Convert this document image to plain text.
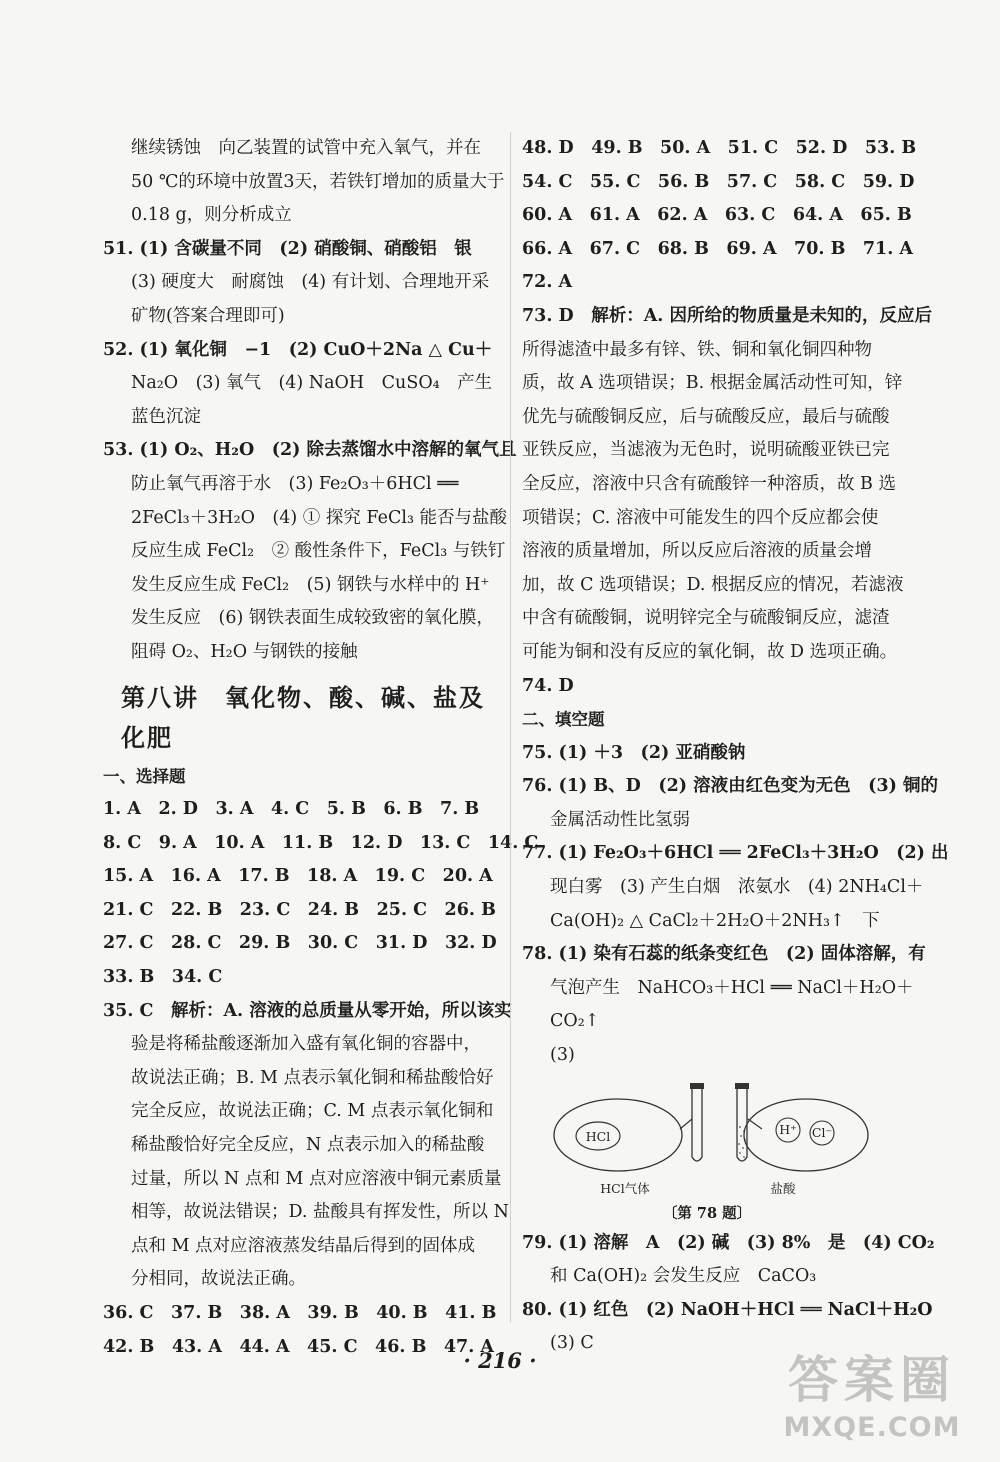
继续锈蚀　向乙装置的试管中充入氧气，并在
50 ℃的环境中放置3天，若铁钉增加的质量大于
0.18 g，则分析成立
51. (1) 含碳量不同　(2) 硝酸铜、硝酸铝　银
(3) 硬度大　耐腐蚀　(4) 有计划、合理地开采
矿物(答案合理即可)
52. (1) 氧化铜　−1　(2) CuO＋2Na △ Cu＋
Na₂O　(3) 氧气　(4) NaOH　CuSO₄　产生
蓝色沉淀
53. (1) O₂、H₂O　(2) 除去蒸馏水中溶解的氧气且
防止氧气再溶于水　(3) Fe₂O₃＋6HCl ══
2FeCl₃＋3H₂O　(4) ① 探究 FeCl₃ 能否与盐酸
反应生成 FeCl₂　② 酸性条件下，FeCl₃ 与铁钉
发生反应生成 FeCl₂　(5) 钢铁与水样中的 H⁺
发生反应　(6) 钢铁表面生成较致密的氧化膜，
阻碍 O₂、H₂O 与钢铁的接触
第八讲　氧化物、酸、碱、盐及化肥
一、选择题
1. A　2. D　3. A　4. C　5. B　6. B　7. B
8. C　9. A　10. A　11. B　12. D　13. C　14. C
15. A　16. A　17. B　18. A　19. C　20. A
21. C　22. B　23. C　24. B　25. C　26. B
27. C　28. C　29. B　30. C　31. D　32. D
33. B　34. C
35. C　解析：A. 溶液的总质量从零开始，所以该实
验是将稀盐酸逐渐加入盛有氧化铜的容器中，
故说法正确；B. M 点表示氧化铜和稀盐酸恰好
完全反应，故说法正确；C. M 点表示氧化铜和
稀盐酸恰好完全反应，N 点表示加入的稀盐酸
过量，所以 N 点和 M 点对应溶液中铜元素质量
相等，故说法错误；D. 盐酸具有挥发性，所以 N
点和 M 点对应溶液蒸发结晶后得到的固体成
分相同，故说法正确。
36. C　37. B　38. A　39. B　40. B　41. B
42. B　43. A　44. A　45. C　46. B　47. A
48. D　49. B　50. A　51. C　52. D　53. B
54. C　55. C　56. B　57. C　58. C　59. D
60. A　61. A　62. A　63. C　64. A　65. B
66. A　67. C　68. B　69. A　70. B　71. A
72. A
73. D　解析：A. 因所给的物质量是未知的，反应后
所得滤渣中最多有锌、铁、铜和氧化铜四种物
质，故 A 选项错误；B. 根据金属活动性可知，锌
优先与硫酸铜反应，后与硫酸反应，最后与硫酸
亚铁反应，当滤液为无色时，说明硫酸亚铁已完
全反应，溶液中只含有硫酸锌一种溶质，故 B 选
项错误；C. 溶液中可能发生的四个反应都会使
溶液的质量增加，所以反应后溶液的质量会增
加，故 C 选项错误；D. 根据反应的情况，若滤液
中含有硫酸铜，说明锌完全与硫酸铜反应，滤渣
可能为铜和没有反应的氧化铜，故 D 选项正确。
74. D
二、填空题
75. (1) ＋3　(2) 亚硝酸钠
76. (1) B、D　(2) 溶液由红色变为无色　(3) 铜的
金属活动性比氢弱
77. (1) Fe₂O₃＋6HCl ══ 2FeCl₃＋3H₂O　(2) 出
现白雾　(3) 产生白烟　浓氨水　(4) 2NH₄Cl＋
Ca(OH)₂ △ CaCl₂＋2H₂O＋2NH₃↑　下
78. (1) 染有石蕊的纸条变红色　(2) 固体溶解，有
气泡产生　NaHCO₃＋HCl ══ NaCl＋H₂O＋
CO₂↑
(3)
HCl	H⁺ Cl⁻
HCl气体	盐酸
〔第 78 题〕
79. (1) 溶解　A　(2) 碱　(3) 8%　是　(4) CO₂
和 Ca(OH)₂ 会发生反应　CaCO₃
80. (1) 红色　(2) NaOH＋HCl ══ NaCl＋H₂O
(3) C
· 216 ·	答案圈
MXQE.COM
